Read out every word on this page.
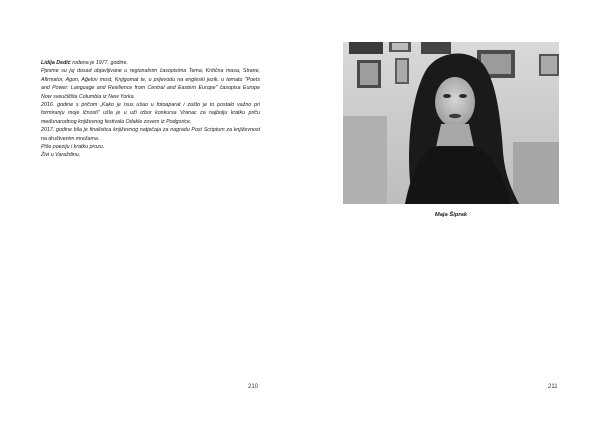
Lidija Dedić rođena je 1977. godine.

Pjesme su joj dosad objavljivane u regionalnim časopisima Tema, Kritična masa, Strane, Afirmator, Agon, Ağelov most, Knjigomat te, u prijevodu na engleski jezik, u tematu "Poets and Power: Language and Resilience from Central and Eastern Europe" časopisa Europe Now sveučilišta Columbia iz New Yorka.

2016. godine s pričom „Kako je Isus ušao u fotoaparat i zašto je to postalo važno pri formiranju moje lčnosti" ušla je u uži izbor konkursa Vranac za najbolju kratku priču međunarodnog književnog festivala Odakle zovem iz Podgorice.

2017. godine bila je finalistica književnog natječaja za nagradu Post Scriptum za književnost na društvenim mrežama.

Piše poeziju i kratku prozu.

Živi u Varaždinu.

210
Maja Šiprak
211
